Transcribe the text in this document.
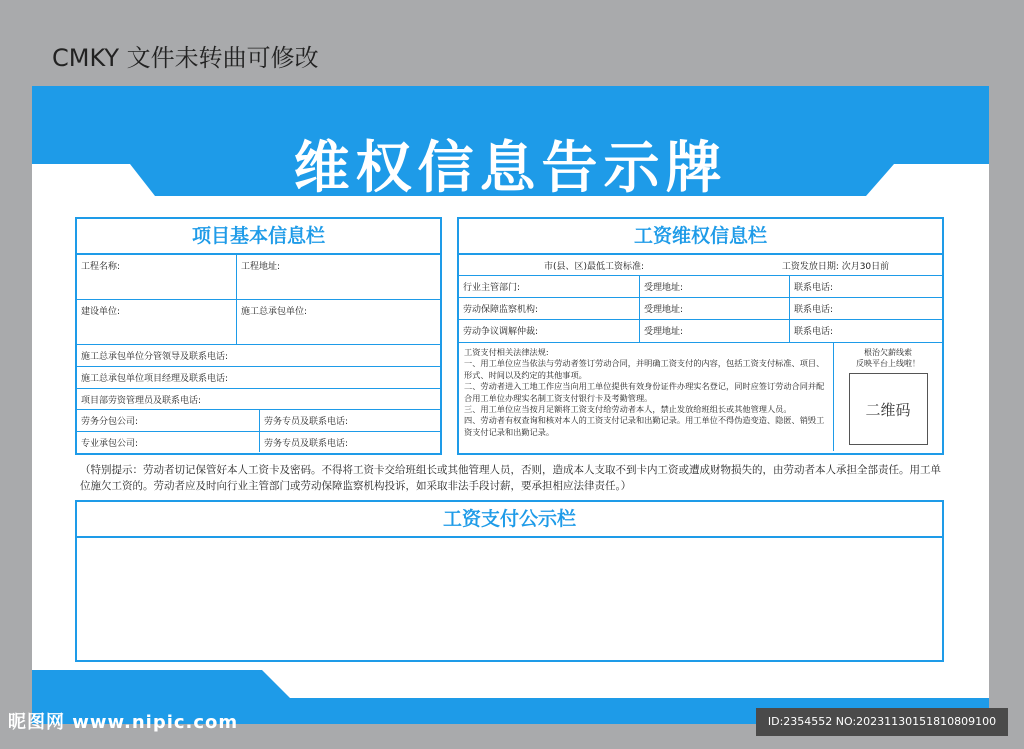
CMKY 文件未转曲可修改
维权信息告示牌
项目基本信息栏
工程名称:	工程地址:
建设单位:	施工总承包单位:
施工总承包单位分管领导及联系电话:
施工总承包单位项目经理及联系电话:
项目部劳资管理员及联系电话:
劳务分包公司:	劳务专员及联系电话:
专业承包公司:	劳务专员及联系电话:
工资维权信息栏
市(县、区)最低工资标准:	工资发放日期: 次月30日前
行业主管部门:	受理地址:	联系电话:
劳动保障监察机构:	受理地址:	联系电话:
劳动争议调解仲裁:	受理地址:	联系电话:
工资支付相关法律法规:
一、用工单位应当依法与劳动者签订劳动合同，并明确工资支付的内容，包括工资支付标准、项目、形式、时间以及约定的其他事项。
二、劳动者进入工地工作应当向用工单位提供有效身份证件办理实名登记，同时应签订劳动合同并配合用工单位办理实名制工资支付银行卡及考勤管理。
三、用工单位应当按月足额将工资支付给劳动者本人，禁止发放给班组长或其他管理人员。
四、劳动者有权查询和核对本人的工资支付记录和出勤记录。用工单位不得伪造变造、隐匿、销毁工资支付记录和出勤记录。
根治欠薪线索
反映平台上线啦！
二维码
（特别提示：劳动者切记保管好本人工资卡及密码。不得将工资卡交给班组长或其他管理人员，否则，造成本人支取不到卡内工资或遭成财物损失的，由劳动者本人承担全部责任。用工单位施欠工资的。劳动者应及时向行业主管部门或劳动保障监察机构投诉，如采取非法手段讨薪，要承担相应法律责任。）
工资支付公示栏
昵图网 www.nipic.com	ID:2354552 NO:20231130151810809100
